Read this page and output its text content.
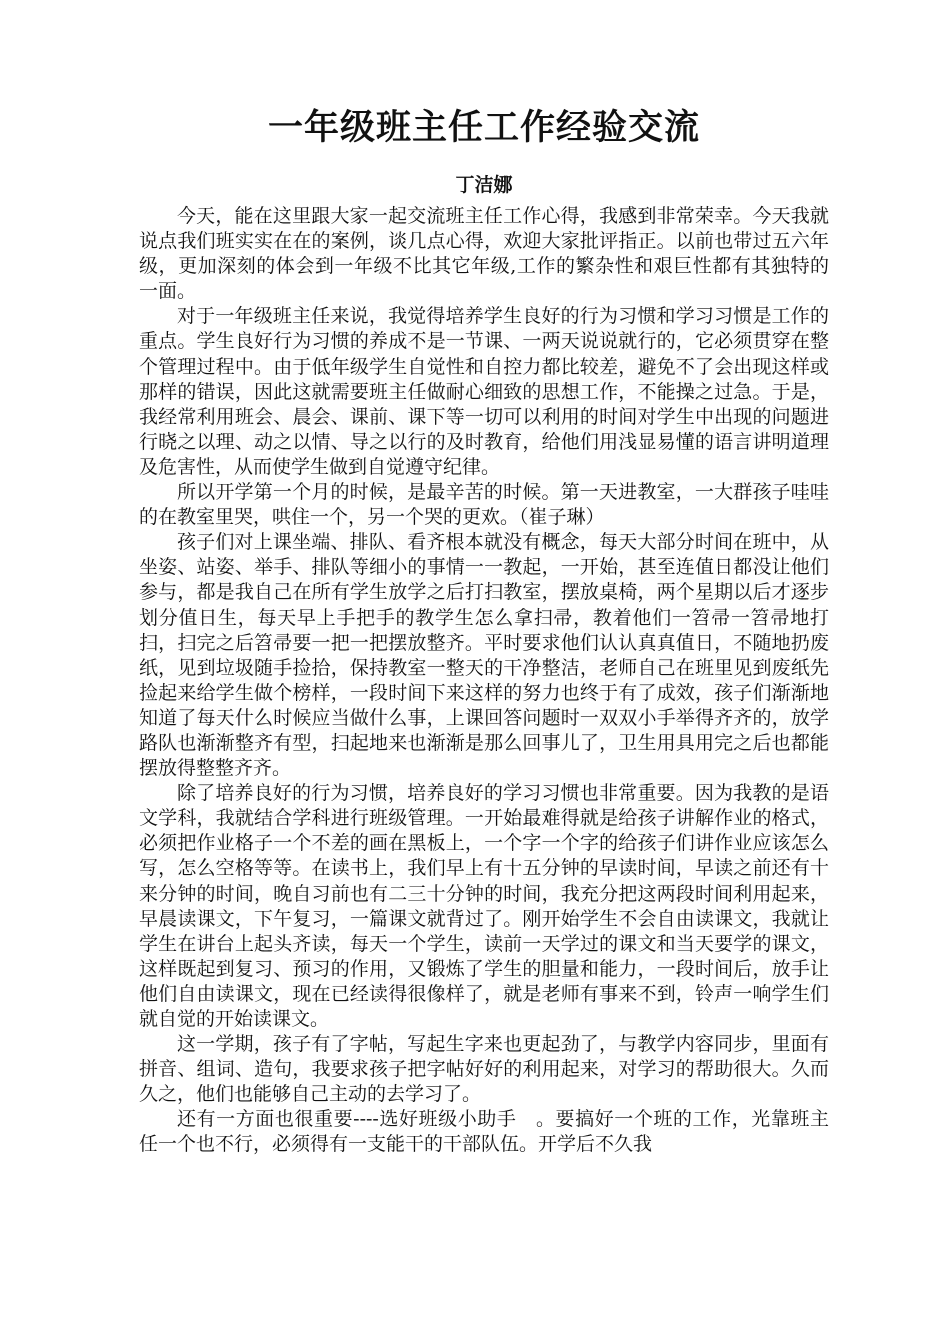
一年级班主任工作经验交流
丁洁娜

今天，能在这里跟大家一起交流班主任工作心得，我感到非常荣幸。今天我就说点我们班实实在在的案例，谈几点心得，欢迎大家批评指正。以前也带过五六年级，更加深刻的体会到一年级不比其它年级,工作的繁杂性和艰巨性都有其独特的一面。

对于一年级班主任来说，我觉得培养学生良好的行为习惯和学习习惯是工作的重点。学生良好行为习惯的养成不是一节课、一两天说说就行的，它必须贯穿在整个管理过程中。由于低年级学生自觉性和自控力都比较差，避免不了会出现这样或那样的错误，因此这就需要班主任做耐心细致的思想工作，不能操之过急。于是，我经常利用班会、晨会、课前、课下等一切可以利用的时间对学生中出现的问题进行晓之以理、动之以情、导之以行的及时教育，给他们用浅显易懂的语言讲明道理及危害性，从而使学生做到自觉遵守纪律。

所以开学第一个月的时候，是最辛苦的时候。第一天进教室，一大群孩子哇哇的在教室里哭，哄住一个，另一个哭的更欢。（崔子琳）

孩子们对上课坐端、排队、看齐根本就没有概念，每天大部分时间在班中，从坐姿、站姿、举手、排队等细小的事情一一教起，一开始，甚至连值日都没让他们参与，都是我自己在所有学生放学之后打扫教室，摆放桌椅，两个星期以后才逐步划分值日生，每天早上手把手的教学生怎么拿扫帚，教着他们一笤帚一笤帚地打扫，扫完之后笤帚要一把一把摆放整齐。平时要求他们认认真真值日，不随地扔废纸，见到垃圾随手捡拾，保持教室一整天的干净整洁，老师自己在班里见到废纸先捡起来给学生做个榜样，一段时间下来这样的努力也终于有了成效，孩子们渐渐地知道了每天什么时候应当做什么事，上课回答问题时一双双小手举得齐齐的，放学路队也渐渐整齐有型，扫起地来也渐渐是那么回事儿了，卫生用具用完之后也都能摆放得整整齐齐。

除了培养良好的行为习惯，培养良好的学习习惯也非常重要。因为我教的是语文学科，我就结合学科进行班级管理。一开始最难得就是给孩子讲解作业的格式，必须把作业格子一个不差的画在黑板上，一个字一个字的给孩子们讲作业应该怎么写，怎么空格等等。在读书上，我们早上有十五分钟的早读时间，早读之前还有十来分钟的时间，晚自习前也有二三十分钟的时间，我充分把这两段时间利用起来，早晨读课文，下午复习，一篇课文就背过了。刚开始学生不会自由读课文，我就让学生在讲台上起头齐读，每天一个学生，读前一天学过的课文和当天要学的课文，这样既起到复习、预习的作用，又锻炼了学生的胆量和能力，一段时间后，放手让他们自由读课文，现在已经读得很像样了，就是老师有事来不到，铃声一响学生们就自觉的开始读课文。

这一学期，孩子有了字帖，写起生字来也更起劲了，与教学内容同步，里面有拼音、组词、造句，我要求孩子把字帖好好的利用起来，对学习的帮助很大。久而久之，他们也能够自己主动的去学习了。

还有一方面也很重要----选好班级小助手　。要搞好一个班的工作，光靠班主任一个也不行，必须得有一支能干的干部队伍。开学后不久我
